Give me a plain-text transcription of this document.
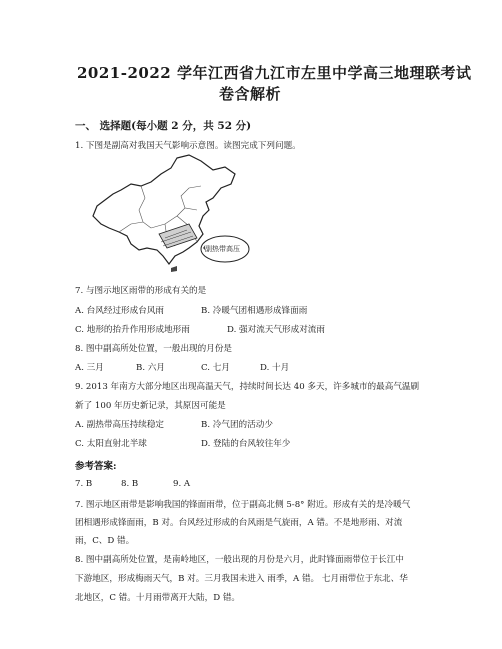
2021-2022 学年江西省九江市左里中学高三地理联考试
卷含解析
一、 选择题(每小题 2 分，共 52 分)
1. 下图是副高对我国天气影响示意图。读图完成下列问题。
副热带高压
7. 与图示地区雨带的形成有关的是
A. 台风经过形成台风雨	B. 冷暖气团相遇形成锋面雨
C. 地形的抬升作用形成地形雨	D. 强对流天气形成对流雨
8. 图中副高所处位置，一般出现的月份是
A. 三月	B. 六月	C. 七月	D. 十月
9. 2013 年南方大部分地区出现高温天气，持续时间长达 40 多天，许多城市的最高气温刷
新了 100 年历史新记录，其原因可能是
A. 副热带高压持续稳定	B. 冷气团的活动少
C. 太阳直射北半球	D. 登陆的台风较往年少
参考答案:
7. B	8. B	9. A
7. 图示地区雨带是影响我国的锋面雨带，位于副高北侧 5-8° 附近。形成有关的是冷暖气
团相遇形成锋面雨，B 对。台风经过形成的台风雨是气旋雨，A 错。不是地形雨、对流
雨，C、D 错。
8. 图中副高所处位置，是南岭地区，一般出现的月份是六月，此时锋面雨带位于长江中
下游地区，形成梅雨天气，B 对。三月我国未进入 雨季，A 错。 七月雨带位于东北、华
北地区，C 错。十月雨带离开大陆，D 错。
